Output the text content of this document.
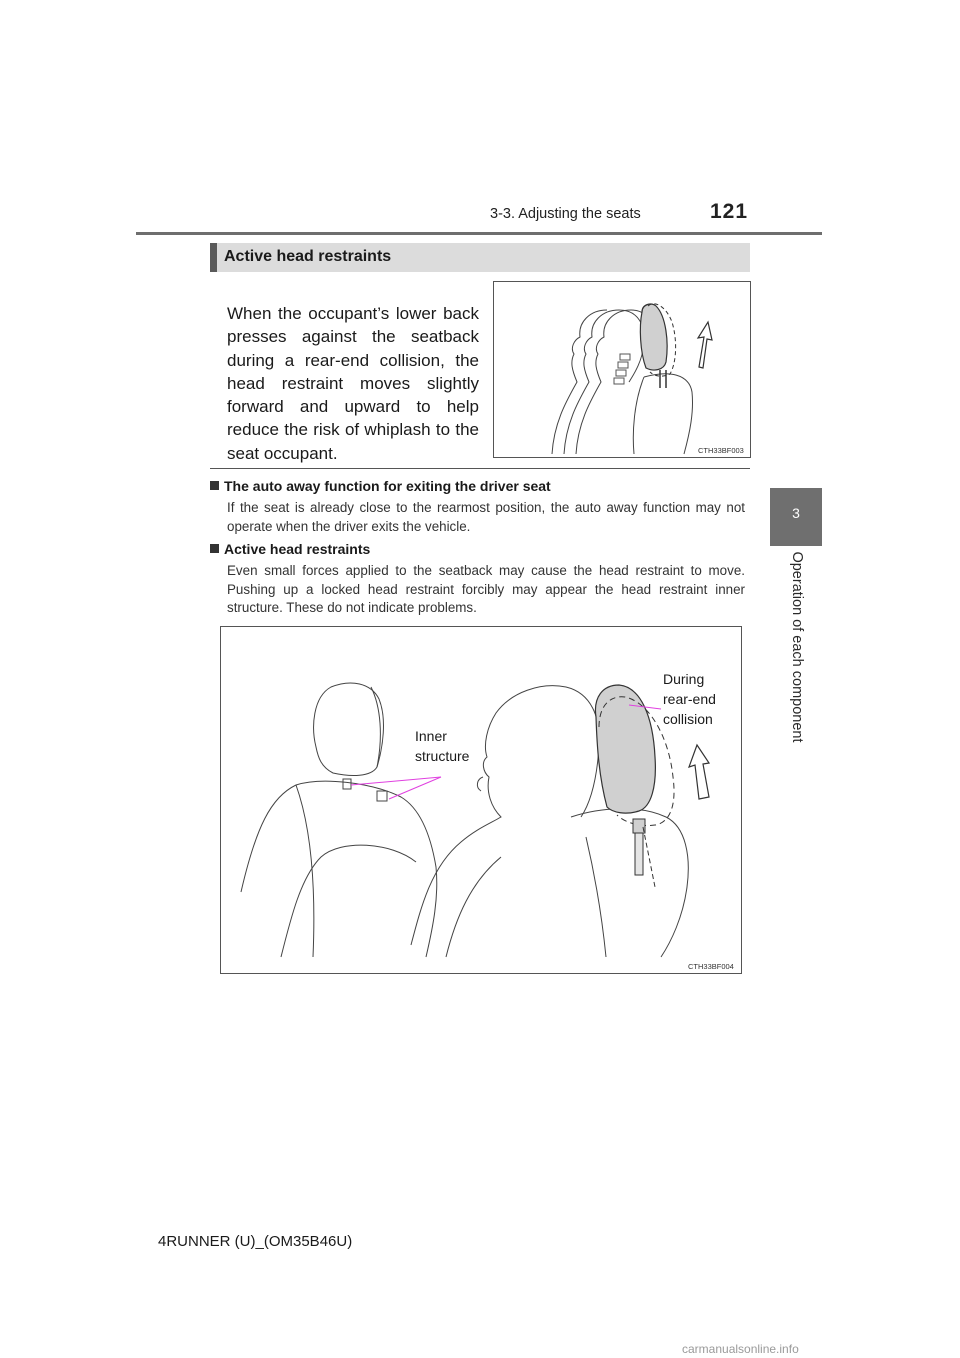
3-3. Adjusting the seats	121
3
Operation of each component
Active head restraints
When the occupant’s lower back presses against the seatback during a rear-end collision, the head restraint moves slightly forward and upward to help reduce the risk of whiplash to the seat occupant.	CTH33BF003
The auto away function for exiting the driver seat
If the seat is already close to the rearmost position, the auto away function may not operate when the driver exits the vehicle.
Active head restraints
Even small forces applied to the seatback may cause the head restraint to move. Pushing up a locked head restraint forcibly may appear the head restraint inner structure. These do not indicate problems.
Inner
structure
During
rear-end
collision
CTH33BF004
4RUNNER (U)_(OM35B46U)
carmanualsonline.info
